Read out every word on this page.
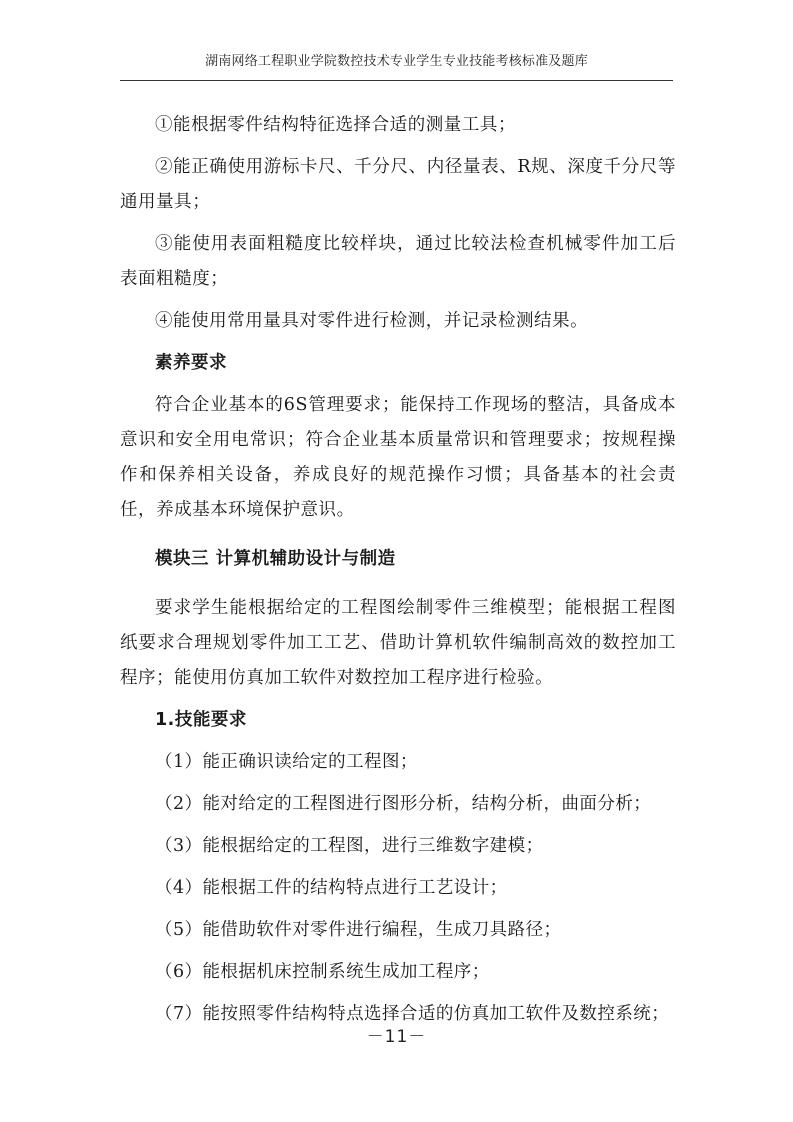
湖南网络工程职业学院数控技术专业学生专业技能考核标准及题库

①能根据零件结构特征选择合适的测量工具；

②能正确使用游标卡尺、千分尺、内径量表、R规、深度千分尺等通用量具；

③能使用表面粗糙度比较样块，通过比较法检查机械零件加工后表面粗糙度；

④能使用常用量具对零件进行检测，并记录检测结果。

素养要求

符合企业基本的6S管理要求；能保持工作现场的整洁，具备成本意识和安全用电常识；符合企业基本质量常识和管理要求；按规程操作和保养相关设备，养成良好的规范操作习惯；具备基本的社会责任，养成基本环境保护意识。

模块三 计算机辅助设计与制造

要求学生能根据给定的工程图绘制零件三维模型；能根据工程图纸要求合理规划零件加工工艺、借助计算机软件编制高效的数控加工程序；能使用仿真加工软件对数控加工程序进行检验。

1.技能要求
（1）能正确识读给定的工程图；
（2）能对给定的工程图进行图形分析，结构分析，曲面分析；
（3）能根据给定的工程图，进行三维数字建模；
（4）能根据工件的结构特点进行工艺设计；
（5）能借助软件对零件进行编程，生成刀具路径；
（6）能根据机床控制系统生成加工程序；
（7）能按照零件结构特点选择合适的仿真加工软件及数控系统；
－11－
